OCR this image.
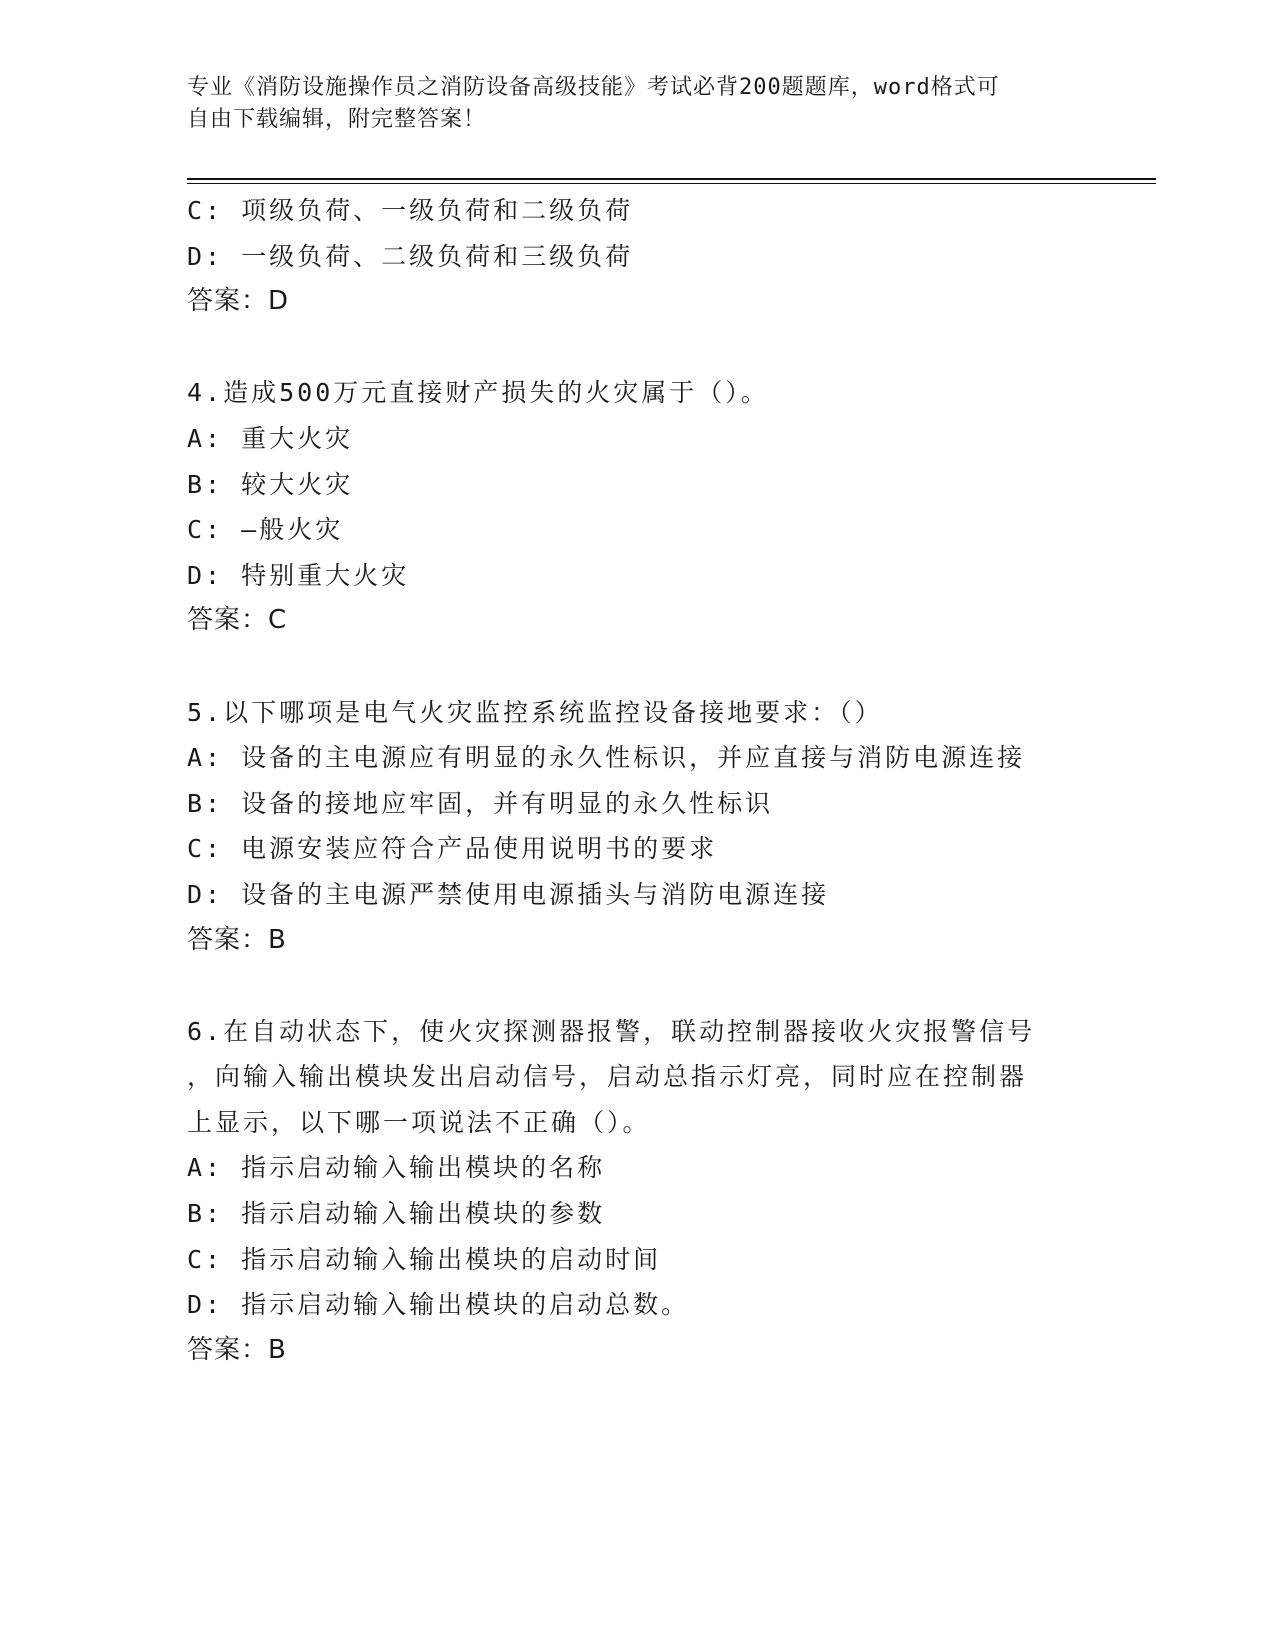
专业《消防设施操作员之消防设备高级技能》考试必背200题题库，word格式可
自由下载编辑，附完整答案！
C: 项级负荷、一级负荷和二级负荷
D: 一级负荷、二级负荷和三级负荷
答案：D
4.造成500万元直接财产损失的火灾属于（）。
A: 重大火灾
B: 较大火灾
C: —般火灾
D: 特别重大火灾
答案：C
5.以下哪项是电气火灾监控系统监控设备接地要求：（）
A: 设备的主电源应有明显的永久性标识，并应直接与消防电源连接
B: 设备的接地应牢固，并有明显的永久性标识
C: 电源安装应符合产品使用说明书的要求
D: 设备的主电源严禁使用电源插头与消防电源连接
答案：B
6.在自动状态下，使火灾探测器报警，联动控制器接收火灾报警信号
，向输入输出模块发出启动信号，启动总指示灯亮，同时应在控制器
上显示，以下哪一项说法不正确（）。
A: 指示启动输入输出模块的名称
B: 指示启动输入输出模块的参数
C: 指示启动输入输出模块的启动时间
D: 指示启动输入输出模块的启动总数。
答案：B
